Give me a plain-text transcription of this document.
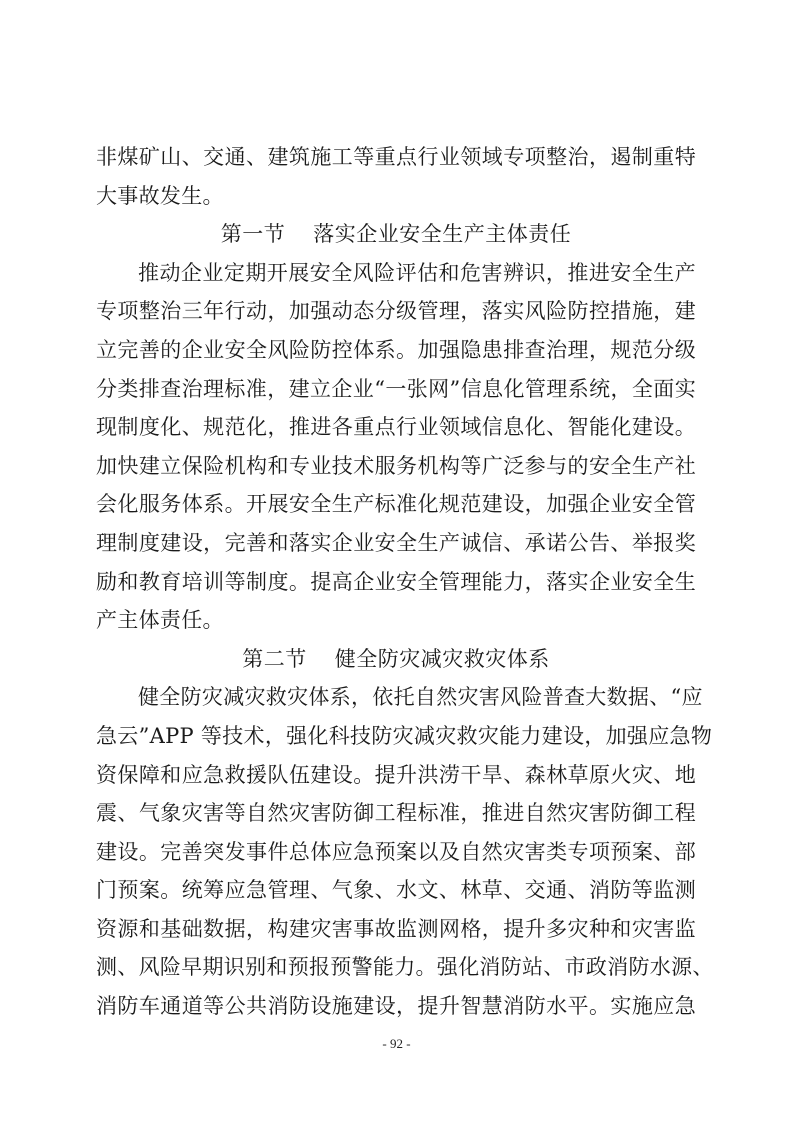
非煤矿山、交通、建筑施工等重点行业领域专项整治，遏制重特
大事故发生。
第一节 落实企业安全生产主体责任
推动企业定期开展安全风险评估和危害辨识，推进安全生产
专项整治三年行动，加强动态分级管理，落实风险防控措施，建
立完善的企业安全风险防控体系。加强隐患排查治理，规范分级
分类排查治理标准，建立企业“一张网”信息化管理系统，全面实
现制度化、规范化，推进各重点行业领域信息化、智能化建设。
加快建立保险机构和专业技术服务机构等广泛参与的安全生产社
会化服务体系。开展安全生产标准化规范建设，加强企业安全管
理制度建设，完善和落实企业安全生产诚信、承诺公告、举报奖
励和教育培训等制度。提高企业安全管理能力，落实企业安全生
产主体责任。
第二节 健全防灾减灾救灾体系
健全防灾减灾救灾体系，依托自然灾害风险普查大数据、“应
急云”APP 等技术，强化科技防灾减灾救灾能力建设，加强应急物
资保障和应急救援队伍建设。提升洪涝干旱、森林草原火灾、地
震、气象灾害等自然灾害防御工程标准，推进自然灾害防御工程
建设。完善突发事件总体应急预案以及自然灾害类专项预案、部
门预案。统筹应急管理、气象、水文、林草、交通、消防等监测
资源和基础数据，构建灾害事故监测网格，提升多灾种和灾害监
测、风险早期识别和预报预警能力。强化消防站、市政消防水源、
消防车通道等公共消防设施建设，提升智慧消防水平。实施应急
- 92 -
